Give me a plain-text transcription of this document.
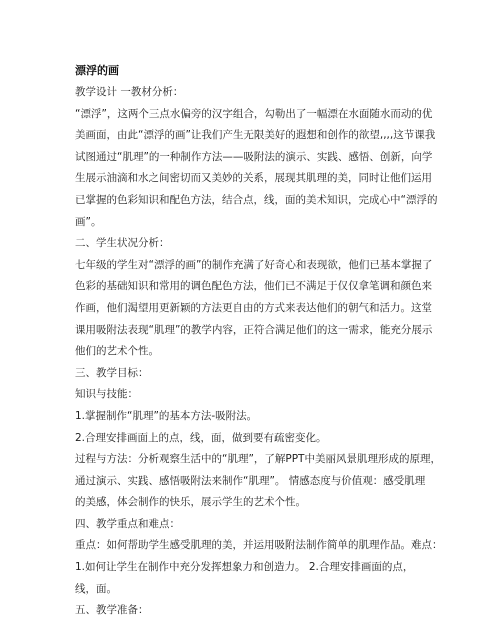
漂浮的画
教学设计 一教材分析：
“漂浮”，这两个三点水偏旁的汉字组合，勾勒出了一幅漂在水面随水而动的优
美画面，由此“漂浮的画”让我们产生无限美好的遐想和创作的欲望,,,,这节课我
试图通过“肌理”的一种制作方法——吸附法的演示、实践、感悟、创新，向学
生展示油滴和水之间密切而又美妙的关系，展现其肌理的美，同时让他们运用
已掌握的色彩知识和配色方法，结合点，线，面的美术知识，完成心中“漂浮的
画”。
二、学生状况分析：
七年级的学生对“漂浮的画”的制作充满了好奇心和表现欲，他们已基本掌握了
色彩的基础知识和常用的调色配色方法，他们已不满足于仅仅拿笔调和颜色来
作画，他们渴望用更新颖的方法更自由的方式来表达他们的朝气和活力。这堂
课用吸附法表现“肌理”的教学内容，正符合满足他们的这一需求，能充分展示
他们的艺术个性。
三、教学目标：
知识与技能：
1.掌握制作“肌理”的基本方法-吸附法。
2.合理安排画面上的点，线，面，做到要有疏密变化。
过程与方法：分析观察生活中的“肌理”，了解PPT中美丽风景肌理形成的原理，
通过演示、实践、感悟吸附法来制作“肌理”。 情感态度与价值观：感受肌理
的美感，体会制作的快乐，展示学生的艺术个性。
四、教学重点和难点：
重点：如何帮助学生感受肌理的美，并运用吸附法制作简单的肌理作品。难点：
1.如何让学生在制作中充分发挥想象力和创造力。 2.合理安排画面的点，
线，面。
五、教学准备：
